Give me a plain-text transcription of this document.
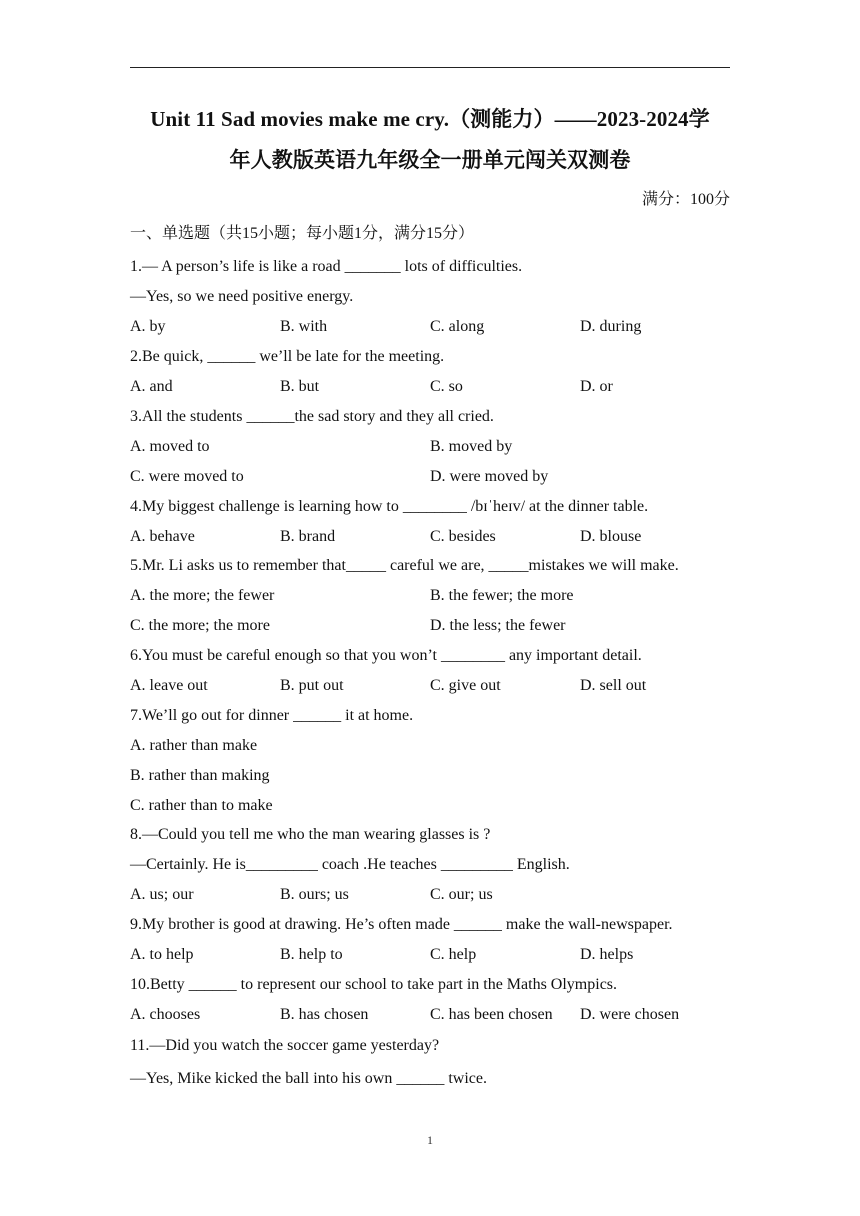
Unit 11 Sad movies make me cry.（测能力）——2023-2024学
年人教版英语九年级全一册单元闯关双测卷
满分：100分
一、单选题（共15小题；每小题1分，满分15分）
1.— A person’s life is like a road _______ lots of difficulties.
—Yes, so we need positive energy.
A. by	B. with	C. along	D. during
2.Be quick, ______ we’ll be late for the meeting.
A. and	B. but	C. so	D. or
3.All the students ______the sad story and they all cried.
A. moved to	B. moved by
C. were moved to	D. were moved by
4.My biggest challenge is learning how to ________ /bɪˈheɪv/ at the dinner table.
A. behave	B. brand	C. besides	D. blouse
5.Mr. Li asks us to remember that_____ careful we are, _____mistakes we will make.
A. the more; the fewer	B. the fewer; the more
C. the more; the more	D. the less; the fewer
6.You must be careful enough so that you won’t ________ any important detail.
A. leave out	B. put out	C. give out	D. sell out
7.We’ll go out for dinner ______ it at home.
A. rather than make
B. rather than making
C. rather than to make
8.—Could you tell me who the man wearing glasses is ?
—Certainly. He is_________ coach .He teaches _________ English.
A. us; our	B. ours; us	C. our; us
9.My brother is good at drawing. He’s often made ______ make the wall-newspaper.
A. to help	B. help to	C. help	D. helps
10.Betty ______ to represent our school to take part in the Maths Olympics.
A. chooses	B. has chosen	C. has been chosen D. were chosen
11.—Did you watch the soccer game yesterday?
—Yes, Mike kicked the ball into his own ______ twice.
1
